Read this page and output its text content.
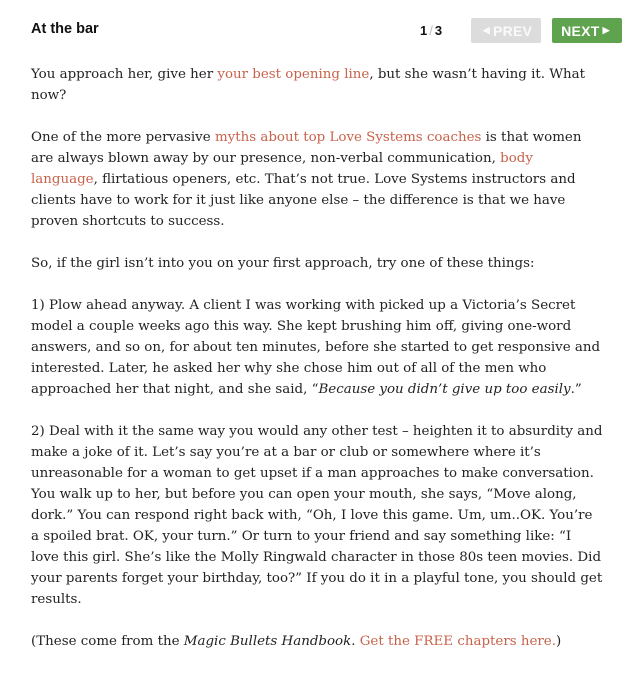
At the bar	1 / 3	◀ PREV NEXT ▶

You approach her, give her your best opening line, but she wasn’t having it. What now?

One of the more pervasive myths about top Love Systems coaches is that women are always blown away by our presence, non-verbal communication, body language, flirtatious openers, etc. That’s not true. Love Systems instructors and clients have to work for it just like anyone else – the difference is that we have proven shortcuts to success.

So, if the girl isn’t into you on your first approach, try one of these things:

1) Plow ahead anyway. A client I was working with picked up a Victoria’s Secret model a couple weeks ago this way. She kept brushing him off, giving one-word answers, and so on, for about ten minutes, before she started to get responsive and interested. Later, he asked her why she chose him out of all of the men who approached her that night, and she said, “Because you didn’t give up too easily.”

2) Deal with it the same way you would any other test – heighten it to absurdity and make a joke of it. Let’s say you’re at a bar or club or somewhere where it’s unreasonable for a woman to get upset if a man approaches to make conversation. You walk up to her, but before you can open your mouth, she says, “Move along, dork.” You can respond right back with, “Oh, I love this game. Um, um..OK. You’re a spoiled brat. OK, your turn.” Or turn to your friend and say something like: “I love this girl. She’s like the Molly Ringwald character in those 80s teen movies. Did your parents forget your birthday, too?” If you do it in a playful tone, you should get results.

(These come from the Magic Bullets Handbook. Get the FREE chapters here.)
